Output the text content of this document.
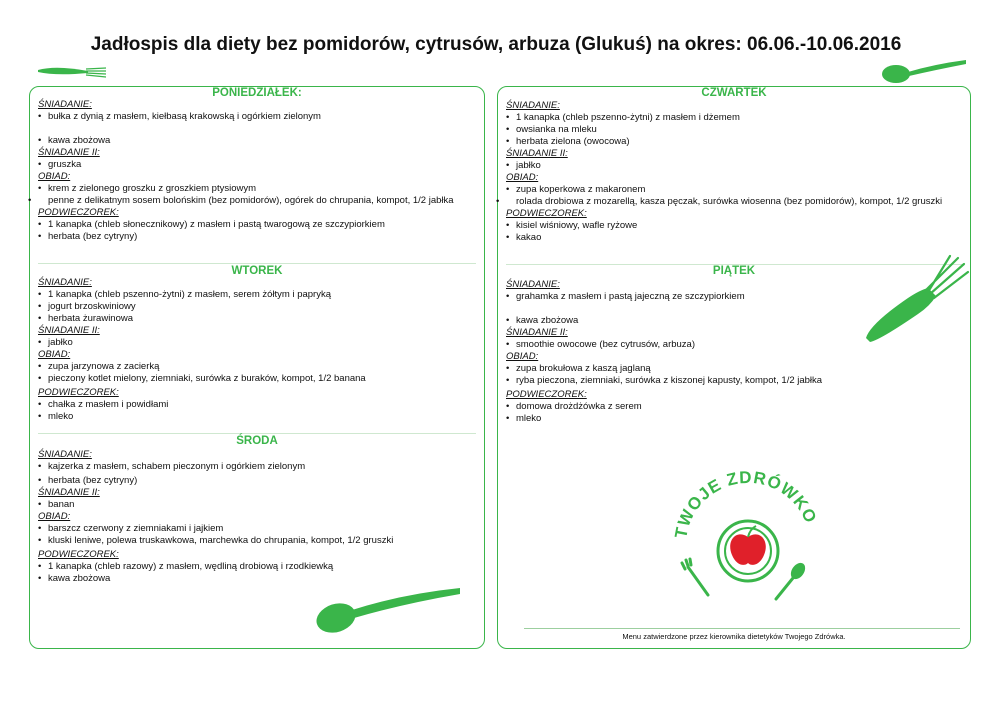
Jadłospis dla diety bez pomidorów, cytrusów, arbuza (Glukuś) na okres: 06.06.-10.06.2016
PONIEDZIAŁEK:
ŚNIADANIE:
• bułka z dynią z masłem, kiełbasą krakowską i ogórkiem zielonym
• kawa zbożowa
ŚNIADANIE II:
• gruszka
OBIAD:
• krem z zielonego groszku z groszkiem ptysiowym
• penne z delikatnym sosem bolońskim (bez pomidorów), ogórek do chrupania, kompot, 1/2 jabłka
PODWIECZOREK:
• 1 kanapka (chleb słonecznikowy) z masłem i pastą twarogową ze szczypiorkiem
• herbata (bez cytryny)
WTOREK
ŚNIADANIE:
• 1 kanapka (chleb pszenno-żytni) z masłem, serem żółtym i papryką
• jogurt brzoskwiniowy
• herbata żurawinowa
ŚNIADANIE II:
• jabłko
OBIAD:
• zupa jarzynowa z zacierką
• pieczony kotlet mielony, ziemniaki, surówka z buraków, kompot, 1/2 banana
PODWIECZOREK:
• chałka z masłem i powidłami
• mleko
ŚRODA
ŚNIADANIE:
• kajzerka z masłem, schabem pieczonym i ogórkiem zielonym
• herbata (bez cytryny)
ŚNIADANIE II:
• banan
OBIAD:
• barszcz czerwony z ziemniakami i jajkiem
• kluski leniwe, polewa truskawkowa, marchewka do chrupania, kompot, 1/2 gruszki
PODWIECZOREK:
• 1 kanapka (chleb razowy) z masłem, wędliną drobiową i rzodkiewką
• kawa zbożowa
CZWARTEK
ŚNIADANIE:
• 1 kanapka (chleb pszenno-żytni) z masłem i dżemem
• owsianka na mleku
• herbata zielona (owocowa)
ŚNIADANIE II:
• jabłko
OBIAD:
• zupa koperkowa z makaronem
• rolada drobiowa z mozarellą, kasza pęczak, surówka wiosenna (bez pomidorów), kompot, 1/2 gruszki
PODWIECZOREK:
• kisiel wiśniowy, wafle ryżowe
• kakao
PIĄTEK
ŚNIADANIE:
• grahamka z masłem i pastą jajeczną ze szczypiorkiem
• kawa zbożowa
ŚNIADANIE II:
• smoothie owocowe (bez cytrusów, arbuza)
OBIAD:
• zupa brokułowa z kaszą jaglaną
• ryba pieczona, ziemniaki, surówka z kiszonej kapusty, kompot, 1/2 jabłka
PODWIECZOREK:
• domowa drożdżówka z serem
• mleko
TWOJE ZDRÓWKO
Menu zatwierdzone przez kierownika dietetyków Twojego Zdrówka.
